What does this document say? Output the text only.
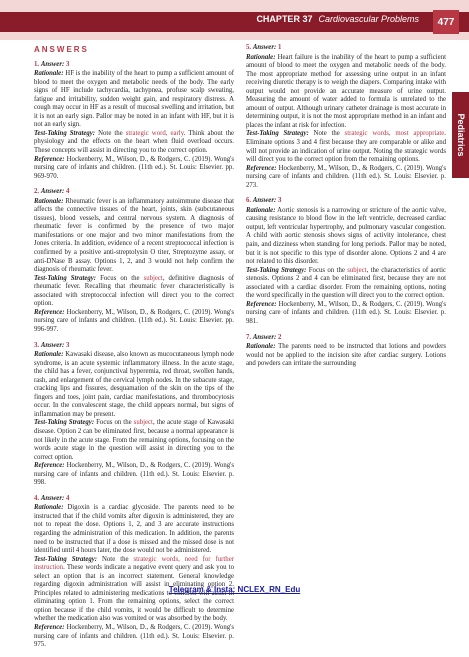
CHAPTER 37 Cardiovascular Problems	477
Pediatrics
ANSWERS
1. Answer: 3

Rationale: HF is the inability of the heart to pump a sufficient amount of blood to meet the oxygen and metabolic needs of the body. The early signs of HF include tachycardia, tachypnea, profuse scalp sweating, fatigue and irritability, sudden weight gain, and respiratory distress. A cough may occur in HF as a result of mucosal swelling and irritation, but it is not an early sign. Pallor may be noted in an infant with HF, but it is not an early sign.

Test-Taking Strategy: Note the strategic word, early. Think about the physiology and the effects on the heart when fluid overload occurs. These concepts will assist in directing you to the correct option.

Reference: Hockenberry, M., Wilson, D., & Rodgers, C. (2019). Wong's nursing care of infants and children. (11th ed.). St. Louis: Elsevier. pp. 969-970.

2. Answer: 4

Rationale: Rheumatic fever is an inflammatory autoimmune disease that affects the connective tissues of the heart, joints, skin (subcutaneous tissues), blood vessels, and central nervous system. A diagnosis of rheumatic fever is confirmed by the presence of two major manifestations or one major and two minor manifestations from the Jones criteria. In addition, evidence of a recent streptococcal infection is confirmed by a positive anti-streptolysin O titer, Streptozyme assay, or anti-DNase B assay. Options 1, 2, and 3 would not help confirm the diagnosis of rheumatic fever.

Test-Taking Strategy: Focus on the subject, definitive diagnosis of rheumatic fever. Recalling that rheumatic fever characteristically is associated with streptococcal infection will direct you to the correct option.

Reference: Hockenberry, M., Wilson, D., & Rodgers, C. (2019). Wong's nursing care of infants and children. (11th ed.). St. Louis: Elsevier. pp. 996-997.

3. Answer: 3

Rationale: Kawasaki disease, also known as mucocutaneous lymph node syndrome, is an acute systemic inflammatory illness. In the acute stage, the child has a fever, conjunctival hyperemia, red throat, swollen hands, rash, and enlargement of the cervical lymph nodes. In the subacute stage, cracking lips and fissures, desquamation of the skin on the tips of the fingers and toes, joint pain, cardiac manifestations, and thrombocytosis occur. In the convalescent stage, the child appears normal, but signs of inflammation may be present.

Test-Taking Strategy: Focus on the subject, the acute stage of Kawasaki disease. Option 2 can be eliminated first, because a normal appearance is not likely in the acute stage. From the remaining options, focusing on the words acute stage in the question will assist in directing you to the correct option.

Reference: Hockenberry, M., Wilson, D., & Rodgers, C. (2019). Wong's nursing care of infants and children. (11th ed.). St. Louis: Elsevier. p. 998.

4. Answer: 4

Rationale: Digoxin is a cardiac glycoside. The parents need to be instructed that if the child vomits after digoxin is administered, they are not to repeat the dose. Options 1, 2, and 3 are accurate instructions regarding the administration of this medication. In addition, the parents need to be instructed that if a dose is missed and the missed dose is not identified until 4 hours later, the dose would not be administered.

Test-Taking Strategy: Note the strategic words, need for further instruction. These words indicate a negative event query and ask you to select an option that is an incorrect statement. General knowledge regarding digoxin administration will assist in eliminating option 2. Principles related to administering medications to children will assist in eliminating option 1. From the remaining options, select the correct option because if the child vomits, it would be difficult to determine whether the medication also was vomited or was absorbed by the body.

Reference: Hockenberry, M., Wilson, D., & Rodgers, C. (2019). Wong's nursing care of infants and children. (11th ed.). St. Louis: Elsevier. p. 975.

5. Answer: 1

Rationale: Heart failure is the inability of the heart to pump a sufficient amount of blood to meet the oxygen and metabolic needs of the body. The most appropriate method for assessing urine output in an infant receiving diuretic therapy is to weigh the diapers. Comparing intake with output would not provide an accurate measure of urine output. Measuring the amount of water added to formula is unrelated to the amount of output. Although urinary catheter drainage is most accurate in determining output, it is not the most appropriate method in an infant and places the infant at risk for infection.

Test-Taking Strategy: Note the strategic words, most appropriate. Eliminate options 3 and 4 first because they are comparable or alike and will not provide an indication of urine output. Noting the strategic words will direct you to the correct option from the remaining options.

Reference: Hockenberry, M., Wilson, D., & Rodgers, C. (2019). Wong's nursing care of infants and children. (11th ed.). St. Louis: Elsevier. p. 273.

6. Answer: 3

Rationale: Aortic stenosis is a narrowing or stricture of the aortic valve, causing resistance to blood flow in the left ventricle, decreased cardiac output, left ventricular hypertrophy, and pulmonary vascular congestion. A child with aortic stenosis shows signs of activity intolerance, chest pain, and dizziness when standing for long periods. Pallor may be noted, but it is not specific to this type of disorder alone. Options 2 and 4 are not related to this disorder.

Test-Taking Strategy: Focus on the subject, the characteristics of aortic stenosis. Options 2 and 4 can be eliminated first, because they are not associated with a cardiac disorder. From the remaining options, noting the word specifically in the question will direct you to the correct option.

Reference: Hockenberry, M., Wilson, D., & Rodgers, C. (2019). Wong's nursing care of infants and children. (11th ed.). St. Louis: Elsevier. p. 981.

7. Answer: 2

Rationale: The parents need to be instructed that lotions and powders would not be applied to the incision site after cardiac surgery. Lotions and powders can irritate the surrounding

Telegram & Insta: NCLEX_RN_Edu
